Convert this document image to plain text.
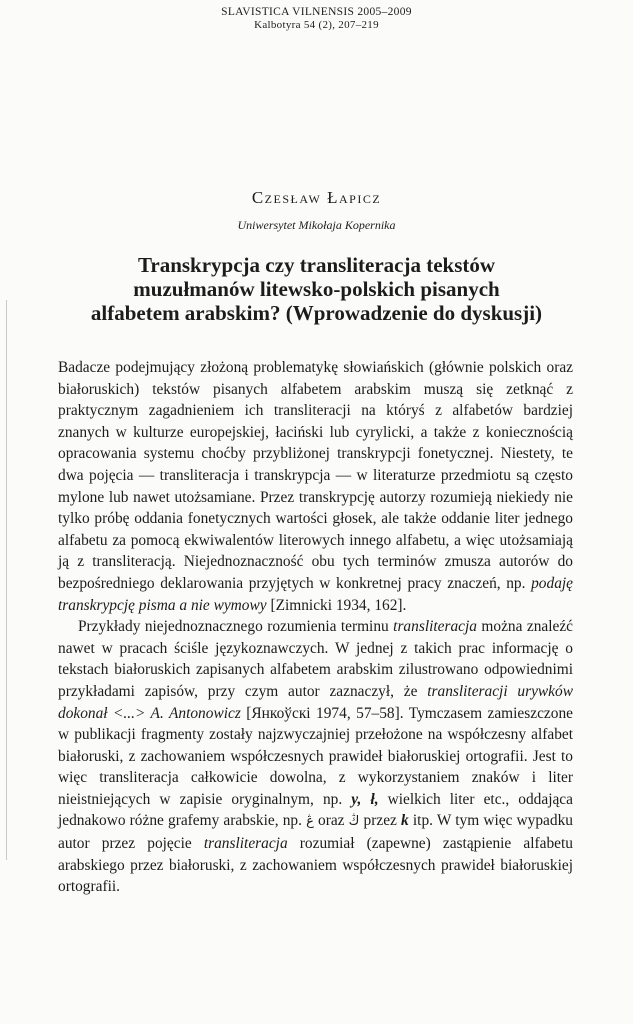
SLAVISTICA VILNENSIS 2005–2009
Kalbotyra 54 (2), 207–219
Czesław Łapicz
Uniwersytet Mikołaja Kopernika
Transkrypcja czy transliteracja tekstów
muzułmanów litewsko-polskich pisanych
alfabetem arabskim? (Wprowadzenie do dyskusji)

Badacze podejmujący złożoną problematykę słowiańskich (głównie polskich oraz białoruskich) tekstów pisanych alfabetem arabskim muszą się zetknąć z praktycznym zagadnieniem ich transliteracji na któryś z alfabetów bardziej znanych w kulturze europejskiej, łaciński lub cyrylicki, a także z koniecznością opracowania systemu choćby przybliżonej transkrypcji fonetycznej. Niestety, te dwa pojęcia — transliteracja i transkrypcja — w literaturze przedmiotu są często mylone lub nawet utożsamiane. Przez transkrypcję autorzy rozumieją niekiedy nie tylko próbę oddania fonetycznych wartości głosek, ale także oddanie liter jednego alfabetu za pomocą ekwiwalentów literowych innego alfabetu, a więc utożsamiają ją z transliteracją. Niejednoznaczność obu tych terminów zmusza autorów do bezpośredniego deklarowania przyjętych w konkretnej pracy znaczeń, np. podaję transkrypcję pisma a nie wymowy [Zimnicki 1934, 162].

Przykłady niejednoznacznego rozumienia terminu transliteracja można znaleźć nawet w pracach ściśle językoznawczych. W jednej z takich prac informację o tekstach białoruskich zapisanych alfabetem arabskim zilustrowano odpowiednimi przykładami zapisów, przy czym autor zaznaczył, że transliteracji urywków dokonał <...> A. Antonowicz [Янкоўскі 1974, 57–58]. Tymczasem zamieszczone w publikacji fragmenty zostały najzwyczajniej przełożone na współczesny alfabet białoruski, z zachowaniem współczesnych prawideł białoruskiej ortografii. Jest to więc transliteracja całkowicie dowolna, z wykorzystaniem znaków i liter nieistniejących w zapisie oryginalnym, np. y, ł, wielkich liter etc., oddająca jednakowo różne grafemy arabskie, np. ڠ oraz ڭ przez k itp. W tym więc wypadku autor przez pojęcie transliteracja rozumiał (zapewne) zastąpienie alfabetu arabskiego przez białoruski, z zachowaniem współczesnych prawideł białoruskiej ortografii.
